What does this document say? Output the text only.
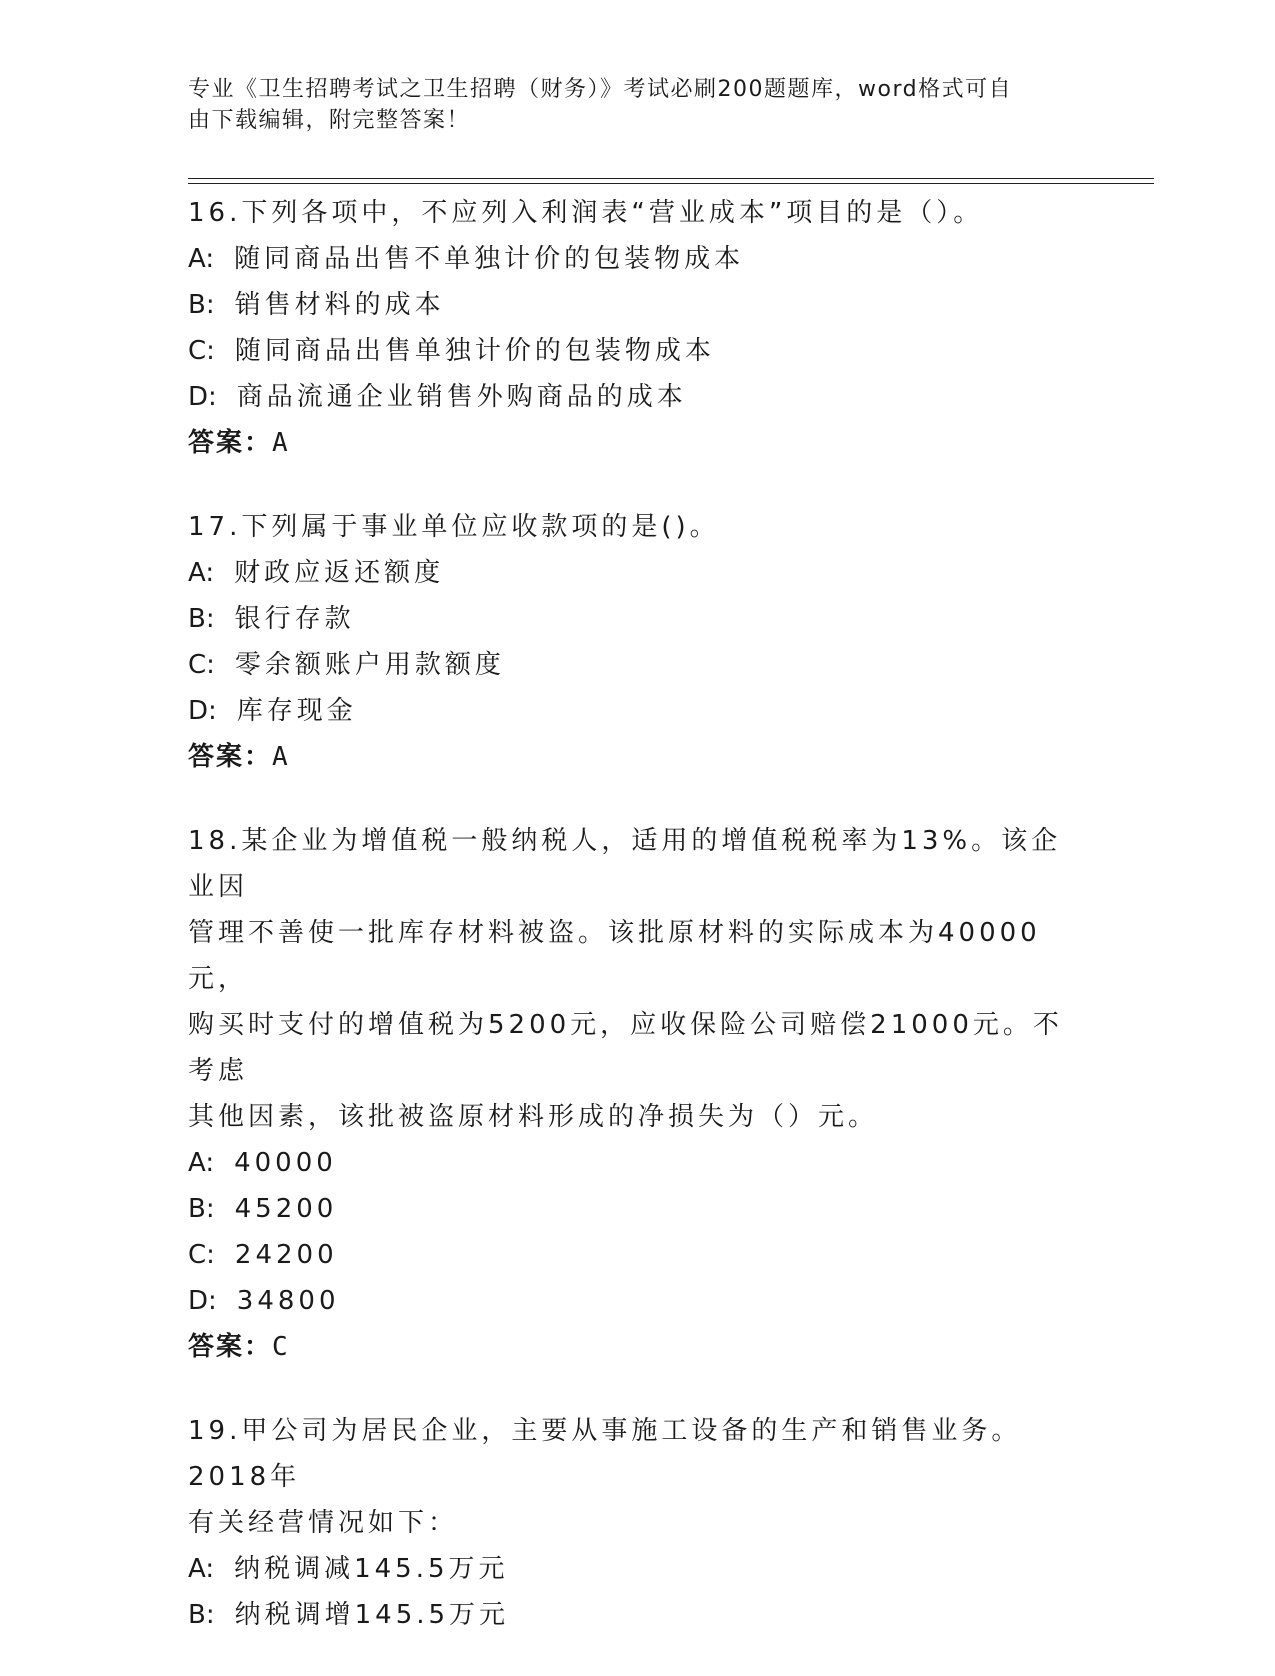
专业《卫生招聘考试之卫生招聘（财务）》考试必刷200题题库，word格式可自
由下载编辑，附完整答案！

16.下列各项中，不应列入利润表“营业成本”项目的是（）。

A: 随同商品出售不单独计价的包装物成本

B: 销售材料的成本

C: 随同商品出售单独计价的包装物成本

D: 商品流通企业销售外购商品的成本

答案：A

17.下列属于事业单位应收款项的是()。

A: 财政应返还额度

B: 银行存款

C: 零余额账户用款额度

D: 库存现金

答案：A

18.某企业为增值税一般纳税人，适用的增值税税率为13%。该企业因

管理不善使一批库存材料被盗。该批原材料的实际成本为40000元，

购买时支付的增值税为5200元，应收保险公司赔偿21000元。不考虑

其他因素，该批被盗原材料形成的净损失为（）元。

A: 40000

B: 45200

C: 24200

D: 34800

答案：C

19.甲公司为居民企业，主要从事施工设备的生产和销售业务。2018年

有关经营情况如下：

A: 纳税调减145.5万元

B: 纳税调增145.5万元
